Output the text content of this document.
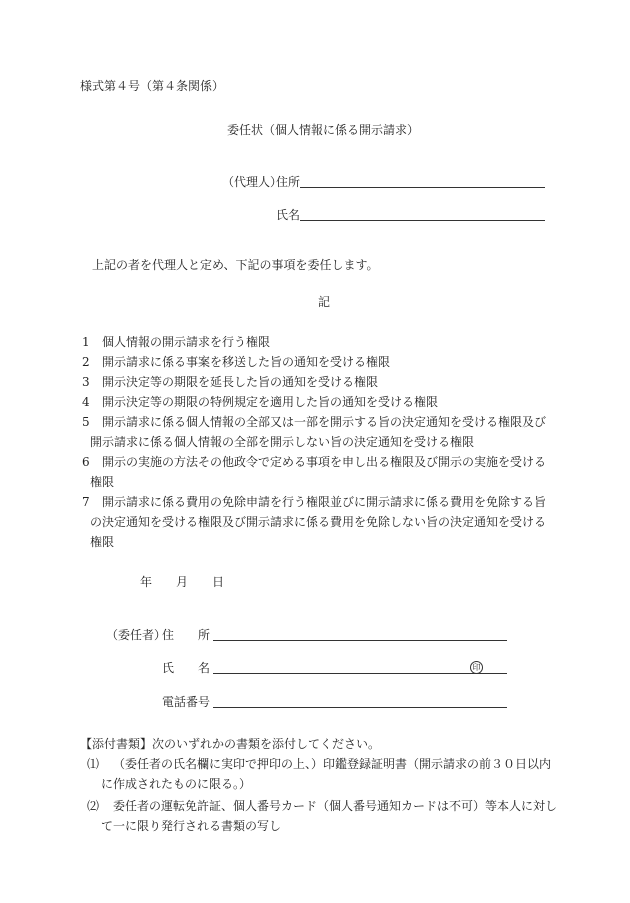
様式第４号（第４条関係）
委任状（個人情報に係る開示請求）
（代理人）
住所
氏名
上記の者を代理人と定め、下記の事項を委任します。
記
1 個人情報の開示請求を行う権限
2 開示請求に係る事案を移送した旨の通知を受ける権限
3 開示決定等の期限を延長した旨の通知を受ける権限
4 開示決定等の期限の特例規定を適用した旨の通知を受ける権限
5 開示請求に係る個人情報の全部又は一部を開示する旨の決定通知を受ける権限及び
開示請求に係る個人情報の全部を開示しない旨の決定通知を受ける権限
6 開示の実施の方法その他政令で定める事項を申し出る権限及び開示の実施を受ける
権限
7 開示請求に係る費用の免除申請を行う権限並びに開示請求に係る費用を免除する旨
の決定通知を受ける権限及び開示請求に係る費用を免除しない旨の決定通知を受ける
権限
年 月 日
（委任者）
住　　所
氏　　名	印
電話番号
【添付書類】次のいずれかの書類を添付してください。
⑴ （委任者の氏名欄に実印で押印の上、）印鑑登録証明書（開示請求の前３０日以内
に作成されたものに限る。）
⑵ 委任者の運転免許証、個人番号カード（個人番号通知カードは不可）等本人に対し
て一に限り発行される書類の写し
